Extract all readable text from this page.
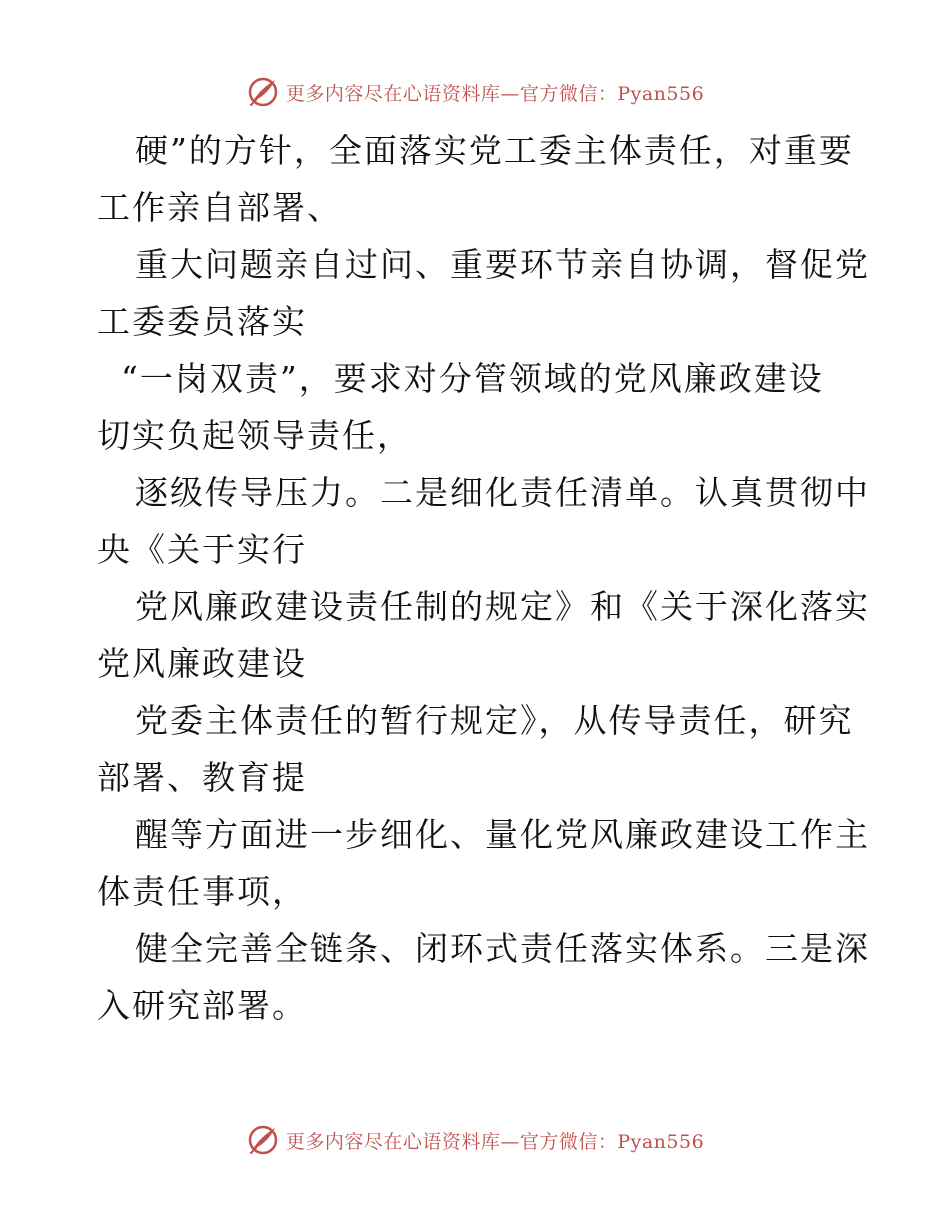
更多内容尽在心语资料库—官方微信：Pyan556

硬”的方针，全面落实党工委主体责任，对重要
工作亲自部署、

重大问题亲自过问、重要环节亲自协调，督促党
工委委员落实

“一岗双责”，要求对分管领域的党风廉政建设
切实负起领导责任，

逐级传导压力。二是细化责任清单。认真贯彻中
央《关于实行

党风廉政建设责任制的规定》和《关于深化落实
党风廉政建设

党委主体责任的暂行规定》，从传导责任，研究
部署、教育提

醒等方面进一步细化、量化党风廉政建设工作主
体责任事项，

健全完善全链条、闭环式责任落实体系。三是深
入研究部署。

更多内容尽在心语资料库—官方微信：Pyan556
